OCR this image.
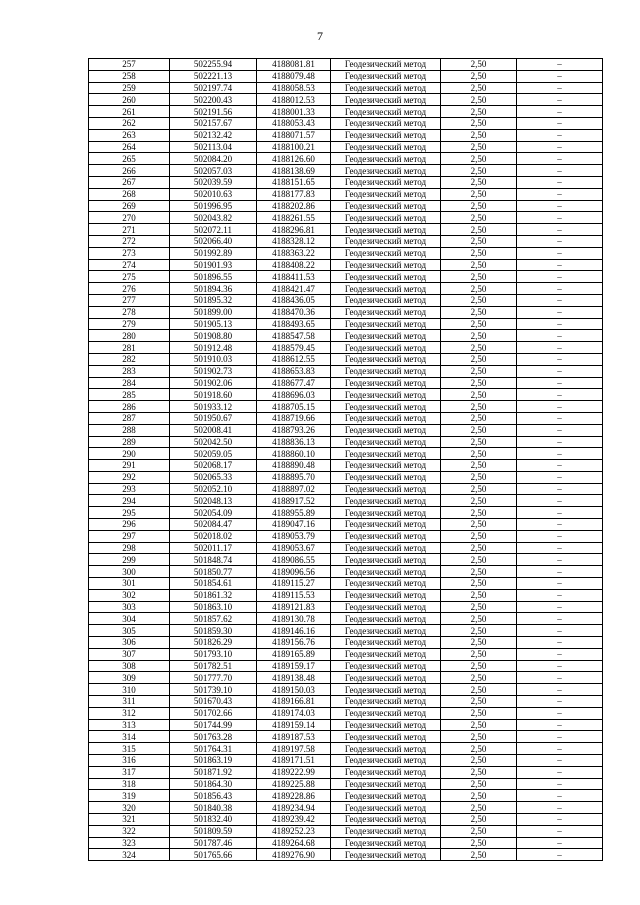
7
257	502255.94	4188081.81	Геодезический метод	2,50	–
258	502221.13	4188079.48	Геодезический метод	2,50	–
259	502197.74	4188058.53	Геодезический метод	2,50	–
260	502200.43	4188012.53	Геодезический метод	2,50	–
261	502191.56	4188001.33	Геодезический метод	2,50	–
262	502157.67	4188053.43	Геодезический метод	2,50	–
263	502132.42	4188071.57	Геодезический метод	2,50	–
264	502113.04	4188100.21	Геодезический метод	2,50	–
265	502084.20	4188126.60	Геодезический метод	2,50	–
266	502057.03	4188138.69	Геодезический метод	2,50	–
267	502039.59	4188151.65	Геодезический метод	2,50	–
268	502010.63	4188177.83	Геодезический метод	2,50	–
269	501996.95	4188202.86	Геодезический метод	2,50	–
270	502043.82	4188261.55	Геодезический метод	2,50	–
271	502072.11	4188296.81	Геодезический метод	2,50	–
272	502066.40	4188328.12	Геодезический метод	2,50	–
273	501992.89	4188363.22	Геодезический метод	2,50	–
274	501901.93	4188408.22	Геодезический метод	2,50	–
275	501896.55	4188411.53	Геодезический метод	2,50	–
276	501894.36	4188421.47	Геодезический метод	2,50	–
277	501895.32	4188436.05	Геодезический метод	2,50	–
278	501899.00	4188470.36	Геодезический метод	2,50	–
279	501905.13	4188493.65	Геодезический метод	2,50	–
280	501908.80	4188547.58	Геодезический метод	2,50	–
281	501912.48	4188579.45	Геодезический метод	2,50	–
282	501910.03	4188612.55	Геодезический метод	2,50	–
283	501902.73	4188653.83	Геодезический метод	2,50	–
284	501902.06	4188677.47	Геодезический метод	2,50	–
285	501918.60	4188696.03	Геодезический метод	2,50	–
286	501933.12	4188705.15	Геодезический метод	2,50	–
287	501950.67	4188719.66	Геодезический метод	2,50	–
288	502008.41	4188793.26	Геодезический метод	2,50	–
289	502042.50	4188836.13	Геодезический метод	2,50	–
290	502059.05	4188860.10	Геодезический метод	2,50	–
291	502068.17	4188890.48	Геодезический метод	2,50	–
292	502065.33	4188895.70	Геодезический метод	2,50	–
293	502052.10	4188897.02	Геодезический метод	2,50	–
294	502048.13	4188917.52	Геодезический метод	2,50	–
295	502054.09	4188955.89	Геодезический метод	2,50	–
296	502084.47	4189047.16	Геодезический метод	2,50	–
297	502018.02	4189053.79	Геодезический метод	2,50	–
298	502011.17	4189053.67	Геодезический метод	2,50	–
299	501848.74	4189086.55	Геодезический метод	2,50	–
300	501850.77	4189096.56	Геодезический метод	2,50	–
301	501854.61	4189115.27	Геодезический метод	2,50	–
302	501861.32	4189115.53	Геодезический метод	2,50	–
303	501863.10	4189121.83	Геодезический метод	2,50	–
304	501857.62	4189130.78	Геодезический метод	2,50	–
305	501859.30	4189146.16	Геодезический метод	2,50	–
306	501826.29	4189156.76	Геодезический метод	2,50	–
307	501793.10	4189165.89	Геодезический метод	2,50	–
308	501782.51	4189159.17	Геодезический метод	2,50	–
309	501777.70	4189138.48	Геодезический метод	2,50	–
310	501739.10	4189150.03	Геодезический метод	2,50	–
311	501670.43	4189166.81	Геодезический метод	2,50	–
312	501702.66	4189174.03	Геодезический метод	2,50	–
313	501744.99	4189159.14	Геодезический метод	2,50	–
314	501763.28	4189187.53	Геодезический метод	2,50	–
315	501764.31	4189197.58	Геодезический метод	2,50	–
316	501863.19	4189171.51	Геодезический метод	2,50	–
317	501871.92	4189222.99	Геодезический метод	2,50	–
318	501864.30	4189225.88	Геодезический метод	2,50	–
319	501856.43	4189228.86	Геодезический метод	2,50	–
320	501840.38	4189234.94	Геодезический метод	2,50	–
321	501832.40	4189239.42	Геодезический метод	2,50	–
322	501809.59	4189252.23	Геодезический метод	2,50	–
323	501787.46	4189264.68	Геодезический метод	2,50	–
324	501765.66	4189276.90	Геодезический метод	2,50	–
